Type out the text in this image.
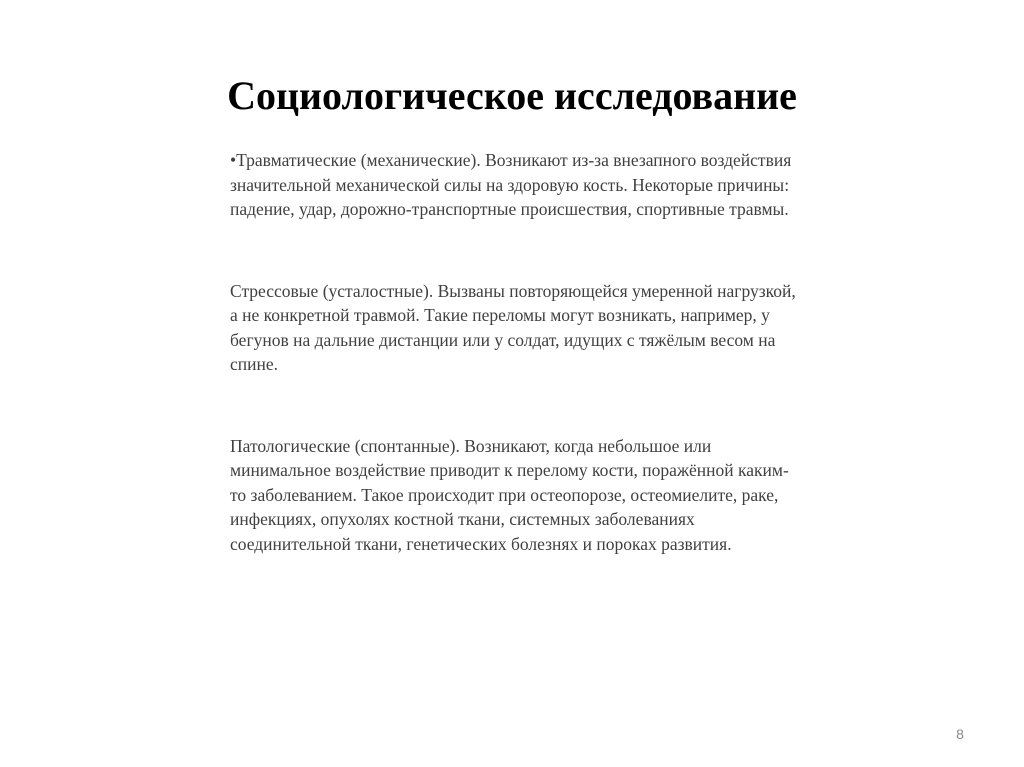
Социологическое исследование

•Травматические (механические). Возникают из-за внезапного воздействия значительной механической силы на здоровую кость. Некоторые причины: падение, удар, дорожно-транспортные происшествия, спортивные травмы.

Стрессовые (усталостные). Вызваны повторяющейся умеренной нагрузкой, а не конкретной травмой. Такие переломы могут возникать, например, у бегунов на дальние дистанции или у солдат, идущих с тяжёлым весом на спине.

Патологические (спонтанные). Возникают, когда небольшое или минимальное воздействие приводит к перелому кости, поражённой каким-то заболеванием. Такое происходит при остеопорозе, остеомиелите, раке, инфекциях, опухолях костной ткани, системных заболеваниях соединительной ткани, генетических болезнях и пороках развития.

8
